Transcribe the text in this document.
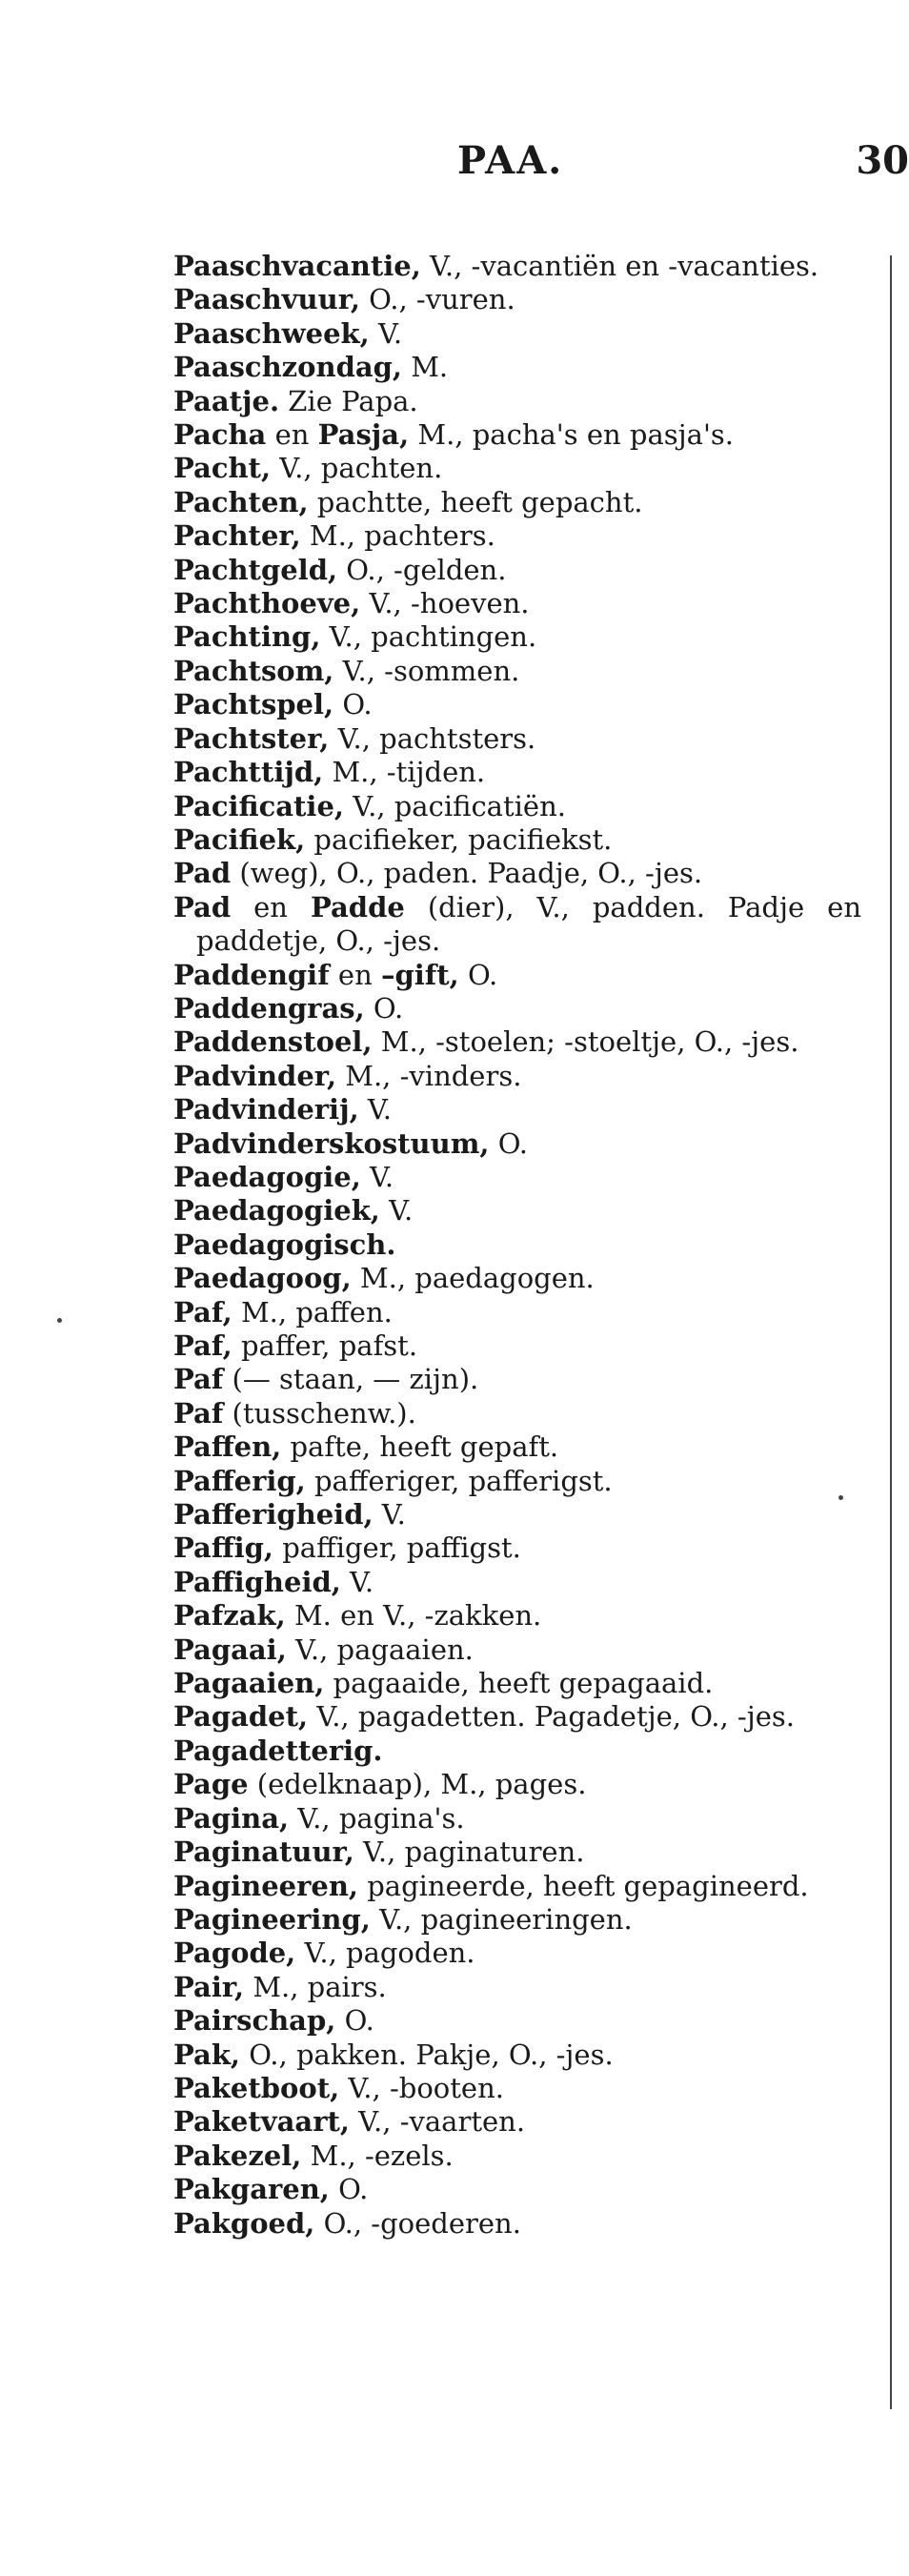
PAA.	30
Paaschvacantie, V., -vacantiën en -vacanties.
Paaschvuur, O., -vuren.
Paaschweek, V.
Paaschzondag, M.
Paatje. Zie Papa.
Pacha en Pasja, M., pacha's en pasja's.
Pacht, V., pachten.
Pachten, pachtte, heeft gepacht.
Pachter, M., pachters.
Pachtgeld, O., -gelden.
Pachthoeve, V., -hoeven.
Pachting, V., pachtingen.
Pachtsom, V., -sommen.
Pachtspel, O.
Pachtster, V., pachtsters.
Pachttijd, M., -tijden.
Pacificatie, V., pacificatiën.
Pacifiek, pacifieker, pacifiekst.
Pad (weg), O., paden. Paadje, O., -jes.
Pad en Padde (dier), V., padden. Padje en paddetje, O., -jes.
Paddengif en –gift, O.
Paddengras, O.
Paddenstoel, M., -stoelen; -stoeltje, O., -jes.
Padvinder, M., -vinders.
Padvinderij, V.
Padvinderskostuum, O.
Paedagogie, V.
Paedagogiek, V.
Paedagogisch.
Paedagoog, M., paedagogen.
Paf, M., paffen.
Paf, paffer, pafst.
Paf (— staan, — zijn).
Paf (tusschenw.).
Paffen, pafte, heeft gepaft.
Pafferig, pafferiger, pafferigst.
Pafferigheid, V.
Paffig, paffiger, paffigst.
Paffigheid, V.
Pafzak, M. en V., -zakken.
Pagaai, V., pagaaien.
Pagaaien, pagaaide, heeft gepagaaid.
Pagadet, V., pagadetten. Pagadetje, O., -jes.
Pagadetterig.
Page (edelknaap), M., pages.
Pagina, V., pagina's.
Paginatuur, V., paginaturen.
Pagineeren, pagineerde, heeft gepagineerd.
Pagineering, V., pagineeringen.
Pagode, V., pagoden.
Pair, M., pairs.
Pairschap, O.
Pak, O., pakken. Pakje, O., -jes.
Paketboot, V., -booten.
Paketvaart, V., -vaarten.
Pakezel, M., -ezels.
Pakgaren, O.
Pakgoed, O., -goederen.
